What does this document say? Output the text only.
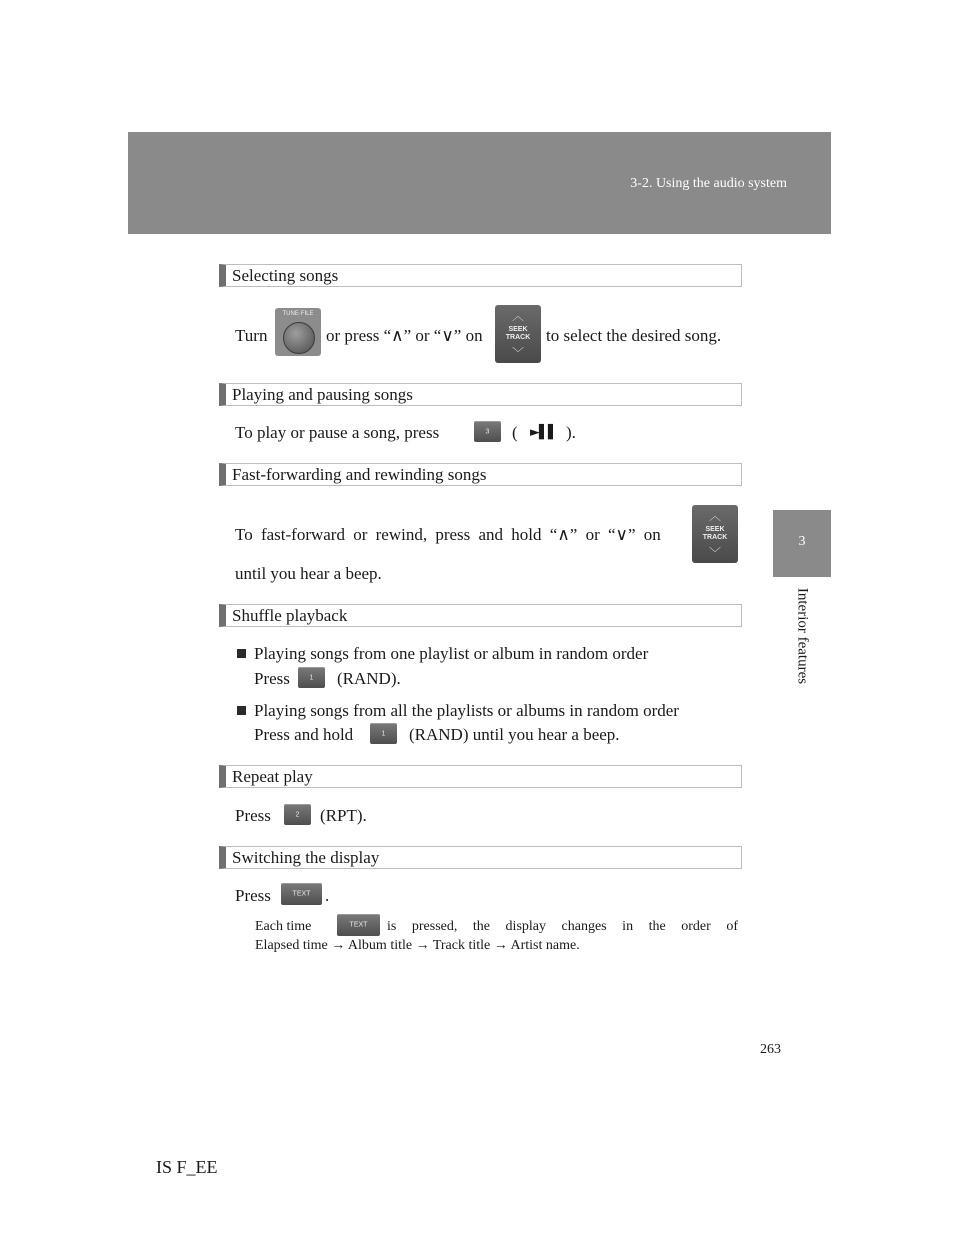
3-2. Using the audio system
3
Interior features
Selecting songs
Turn
TUNE·FILE
or press “∧” or “∨” on
︿
SEEK
TRACK
﹀
to select the desired song.
Playing and pausing songs
To play or pause a song, press	3	( ►▌▌ ).
Fast-forwarding and rewinding songs
To fast-forward or rewind, press and hold “∧” or “∨” on
︿
SEEK
TRACK
﹀
until you hear a beep.
Shuffle playback
Playing songs from one playlist or album in random order
Press	1	(RAND).
Playing songs from all the playlists or albums in random order
Press and hold	1	(RAND) until you hear a beep.
Repeat play
Press	2	(RPT).
Switching the display
Press	TEXT .
Each time	TEXT	is pressed, the display changes in the order of
Elapsed time → Album title → Track title → Artist name.
263
IS F_EE
